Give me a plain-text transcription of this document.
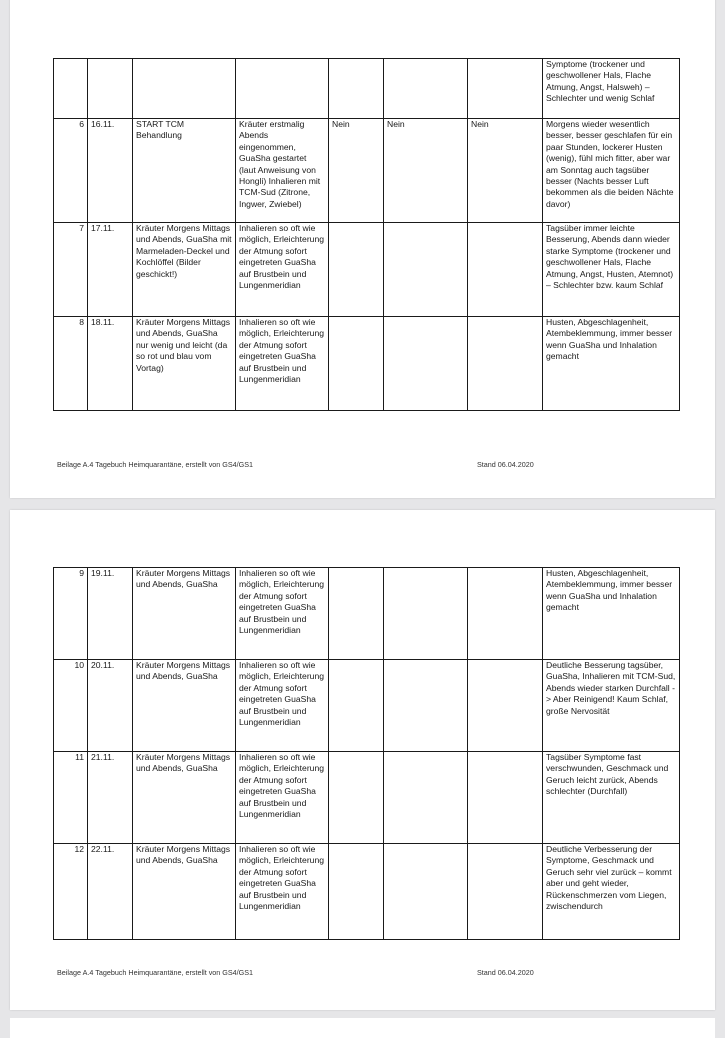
							Symptome (trockener und geschwollener Hals, Flache Atmung, Angst, Halsweh) – Schlechter und wenig Schlaf
6	16.11.	START TCM Behandlung	Kräuter erstmalig Abends eingenommen, GuaSha gestartet (laut Anweisung von Hongli) Inhalieren mit TCM-Sud (Zitrone, Ingwer, Zwiebel)	Nein	Nein	Nein	Morgens wieder wesentlich besser, besser geschlafen für ein paar Stunden, lockerer Husten (wenig), fühl mich fitter, aber war am Sonntag auch tagsüber besser (Nachts besser Luft bekommen als die beiden Nächte davor)
7	17.11.	Kräuter Morgens Mittags und Abends, GuaSha mit Marmeladen-Deckel und Kochlöffel (Bilder geschickt!)	Inhalieren so oft wie möglich, Erleichterung der Atmung sofort eingetreten GuaSha auf Brustbein und Lungenmeridian				Tagsüber immer leichte Besserung, Abends dann wieder starke Symptome (trockener und geschwollener Hals, Flache Atmung, Angst, Husten, Atemnot) – Schlechter bzw. kaum Schlaf
8	18.11.	Kräuter Morgens Mittags und Abends, GuaSha nur wenig und leicht (da so rot und blau vom Vortag)	Inhalieren so oft wie möglich, Erleichterung der Atmung sofort eingetreten GuaSha auf Brustbein und Lungenmeridian				Husten, Abgeschlagenheit, Atembeklemmung, immer besser wenn GuaSha und Inhalation gemacht
Beilage A.4 Tagebuch Heimquarantäne, erstellt von GS4/GS1	Stand 06.04.2020
9	19.11.	Kräuter Morgens Mittags und Abends, GuaSha	Inhalieren so oft wie möglich, Erleichterung der Atmung sofort eingetreten GuaSha auf Brustbein und Lungenmeridian				Husten, Abgeschlagenheit, Atembeklemmung, immer besser wenn GuaSha und Inhalation gemacht
10	20.11.	Kräuter Morgens Mittags und Abends, GuaSha	Inhalieren so oft wie möglich, Erleichterung der Atmung sofort eingetreten GuaSha auf Brustbein und Lungenmeridian				Deutliche Besserung tagsüber, GuaSha, Inhalieren mit TCM-Sud, Abends wieder starken Durchfall -> Aber Reinigend! Kaum Schlaf, große Nervosität
11	21.11.	Kräuter Morgens Mittags und Abends, GuaSha	Inhalieren so oft wie möglich, Erleichterung der Atmung sofort eingetreten GuaSha auf Brustbein und Lungenmeridian				Tagsüber Symptome fast verschwunden, Geschmack und Geruch leicht zurück, Abends schlechter (Durchfall)
12	22.11.	Kräuter Morgens Mittags und Abends, GuaSha	Inhalieren so oft wie möglich, Erleichterung der Atmung sofort eingetreten GuaSha auf Brustbein und Lungenmeridian				Deutliche Verbesserung der Symptome, Geschmack und Geruch sehr viel zurück – kommt aber und geht wieder, Rückenschmerzen vom Liegen, zwischendurch
Beilage A.4 Tagebuch Heimquarantäne, erstellt von GS4/GS1	Stand 06.04.2020
